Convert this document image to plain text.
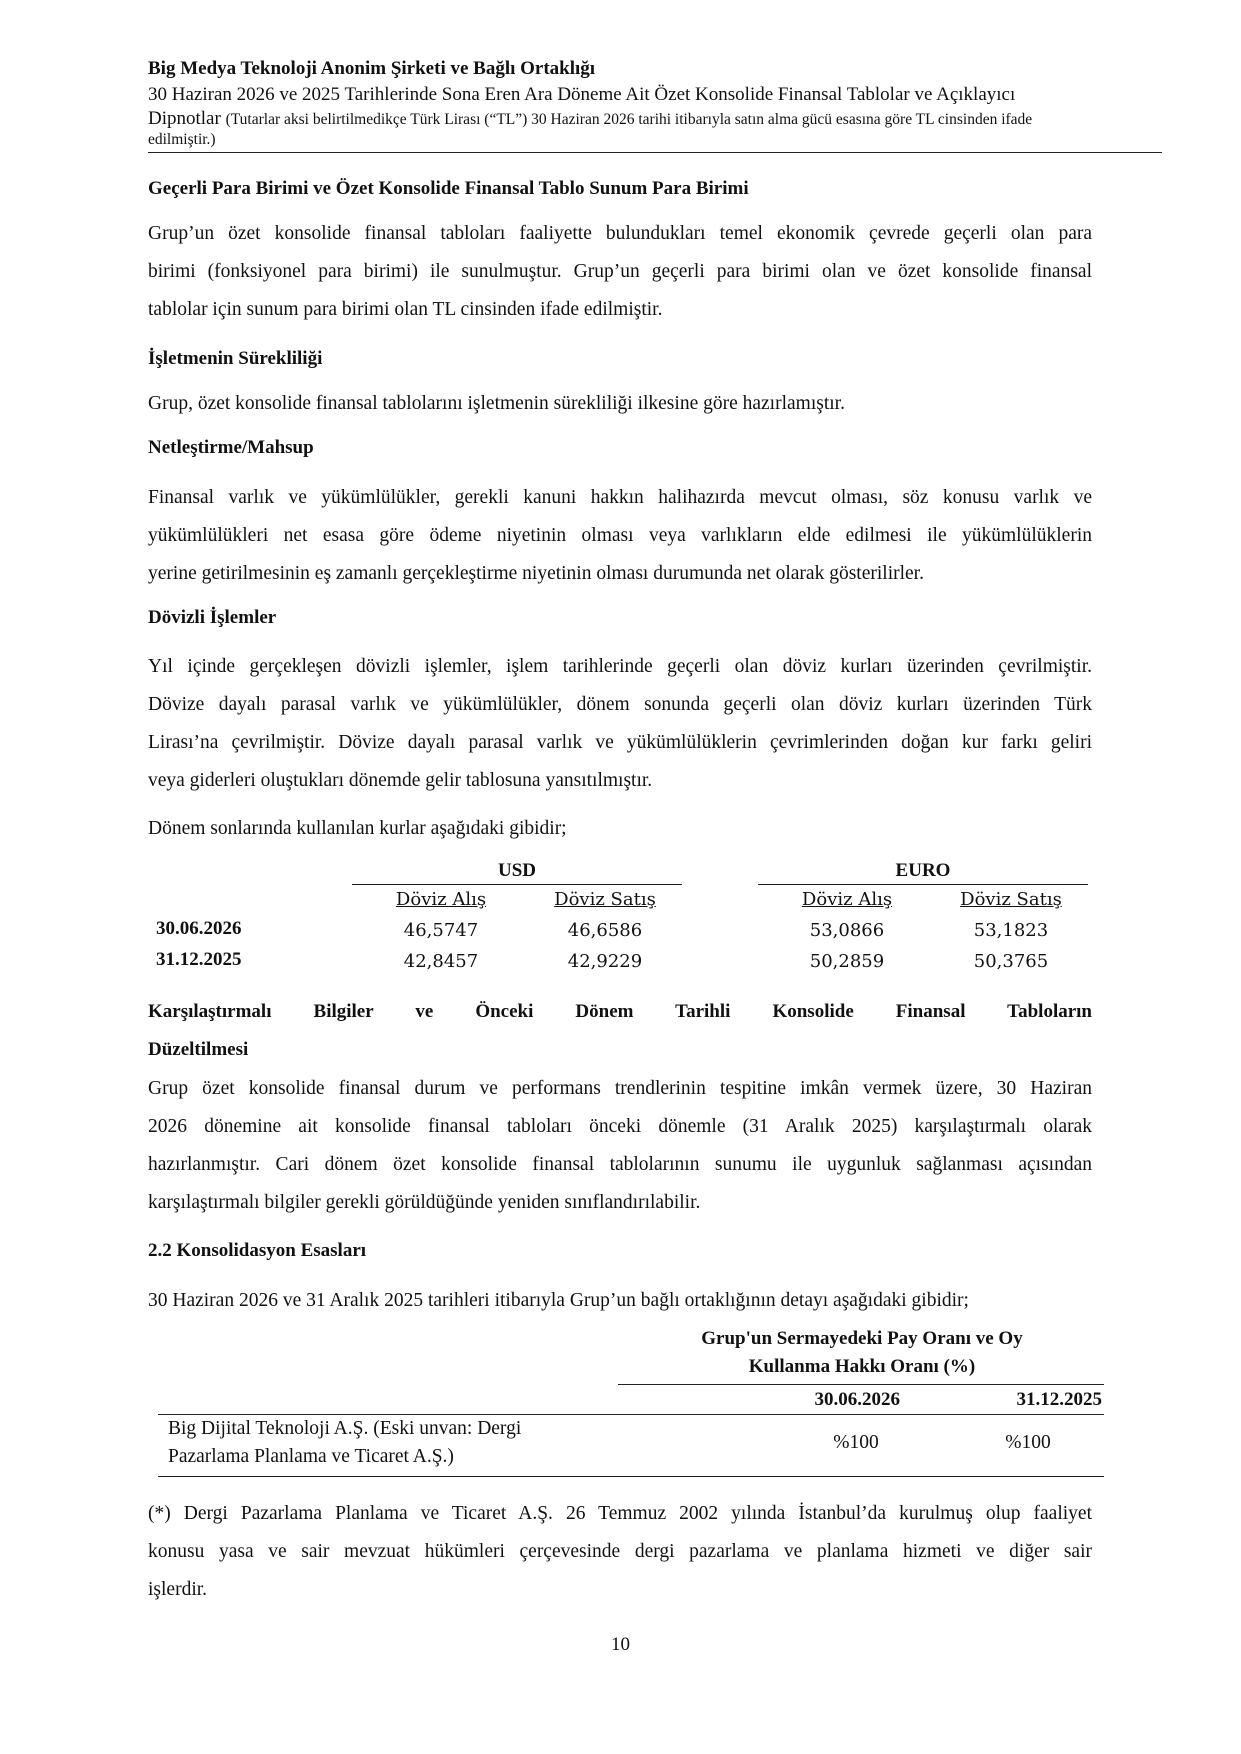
Big Medya Teknoloji Anonim Şirketi ve Bağlı Ortaklığı
30 Haziran 2026 ve 2025 Tarihlerinde Sona Eren Ara Döneme Ait Özet Konsolide Finansal Tablolar ve Açıklayıcı
Dipnotlar (Tutarlar aksi belirtilmedikçe Türk Lirası (“TL”) 30 Haziran 2026 tarihi itibarıyla satın alma gücü esasına göre TL cinsinden ifade
edilmiştir.)
Geçerli Para Birimi ve Özet Konsolide Finansal Tablo Sunum Para Birimi
Grup’un özet konsolide finansal tabloları faaliyette bulundukları temel ekonomik çevrede geçerli olan para
birimi (fonksiyonel para birimi) ile sunulmuştur. Grup’un geçerli para birimi olan ve özet konsolide finansal
tablolar için sunum para birimi olan TL cinsinden ifade edilmiştir.
İşletmenin Sürekliliği
Grup, özet konsolide finansal tablolarını işletmenin sürekliliği ilkesine göre hazırlamıştır.
Netleştirme/Mahsup
Finansal varlık ve yükümlülükler, gerekli kanuni hakkın halihazırda mevcut olması, söz konusu varlık ve
yükümlülükleri net esasa göre ödeme niyetinin olması veya varlıkların elde edilmesi ile yükümlülüklerin
yerine getirilmesinin eş zamanlı gerçekleştirme niyetinin olması durumunda net olarak gösterilirler.
Dövizli İşlemler
Yıl içinde gerçekleşen dövizli işlemler, işlem tarihlerinde geçerli olan döviz kurları üzerinden çevrilmiştir.
Dövize dayalı parasal varlık ve yükümlülükler, dönem sonunda geçerli olan döviz kurları üzerinden Türk
Lirası’na çevrilmiştir. Dövize dayalı parasal varlık ve yükümlülüklerin çevrimlerinden doğan kur farkı geliri
veya giderleri oluştukları dönemde gelir tablosuna yansıtılmıştır.
Dönem sonlarında kullanılan kurlar aşağıdaki gibidir;
USD	EURO
Döviz Alış	Döviz Satış	Döviz Alış	Döviz Satış
30.06.2026	46,5747	46,6586	53,0866	53,1823
31.12.2025	42,8457	42,9229	50,2859	50,3765
Karşılaştırmalı Bilgiler ve Önceki Dönem Tarihli Konsolide Finansal Tabloların
Düzeltilmesi
Grup özet konsolide finansal durum ve performans trendlerinin tespitine imkân vermek üzere, 30 Haziran
2026 dönemine ait konsolide finansal tabloları önceki dönemle (31 Aralık 2025) karşılaştırmalı olarak
hazırlanmıştır. Cari dönem özet konsolide finansal tablolarının sunumu ile uygunluk sağlanması açısından
karşılaştırmalı bilgiler gerekli görüldüğünde yeniden sınıflandırılabilir.
2.2 Konsolidasyon Esasları
30 Haziran 2026 ve 31 Aralık 2025 tarihleri itibarıyla Grup’un bağlı ortaklığının detayı aşağıdaki gibidir;
Grup'un Sermayedeki Pay Oranı ve Oy
Kullanma Hakkı Oranı (%)
30.06.2026	31.12.2025
Big Dijital Teknoloji A.Ş. (Eski unvan: Dergi
Pazarlama Planlama ve Ticaret A.Ş.)
%100	%100
(*) Dergi Pazarlama Planlama ve Ticaret A.Ş. 26 Temmuz 2002 yılında İstanbul’da kurulmuş olup faaliyet
konusu yasa ve sair mevzuat hükümleri çerçevesinde dergi pazarlama ve planlama hizmeti ve diğer sair
işlerdir.
10
